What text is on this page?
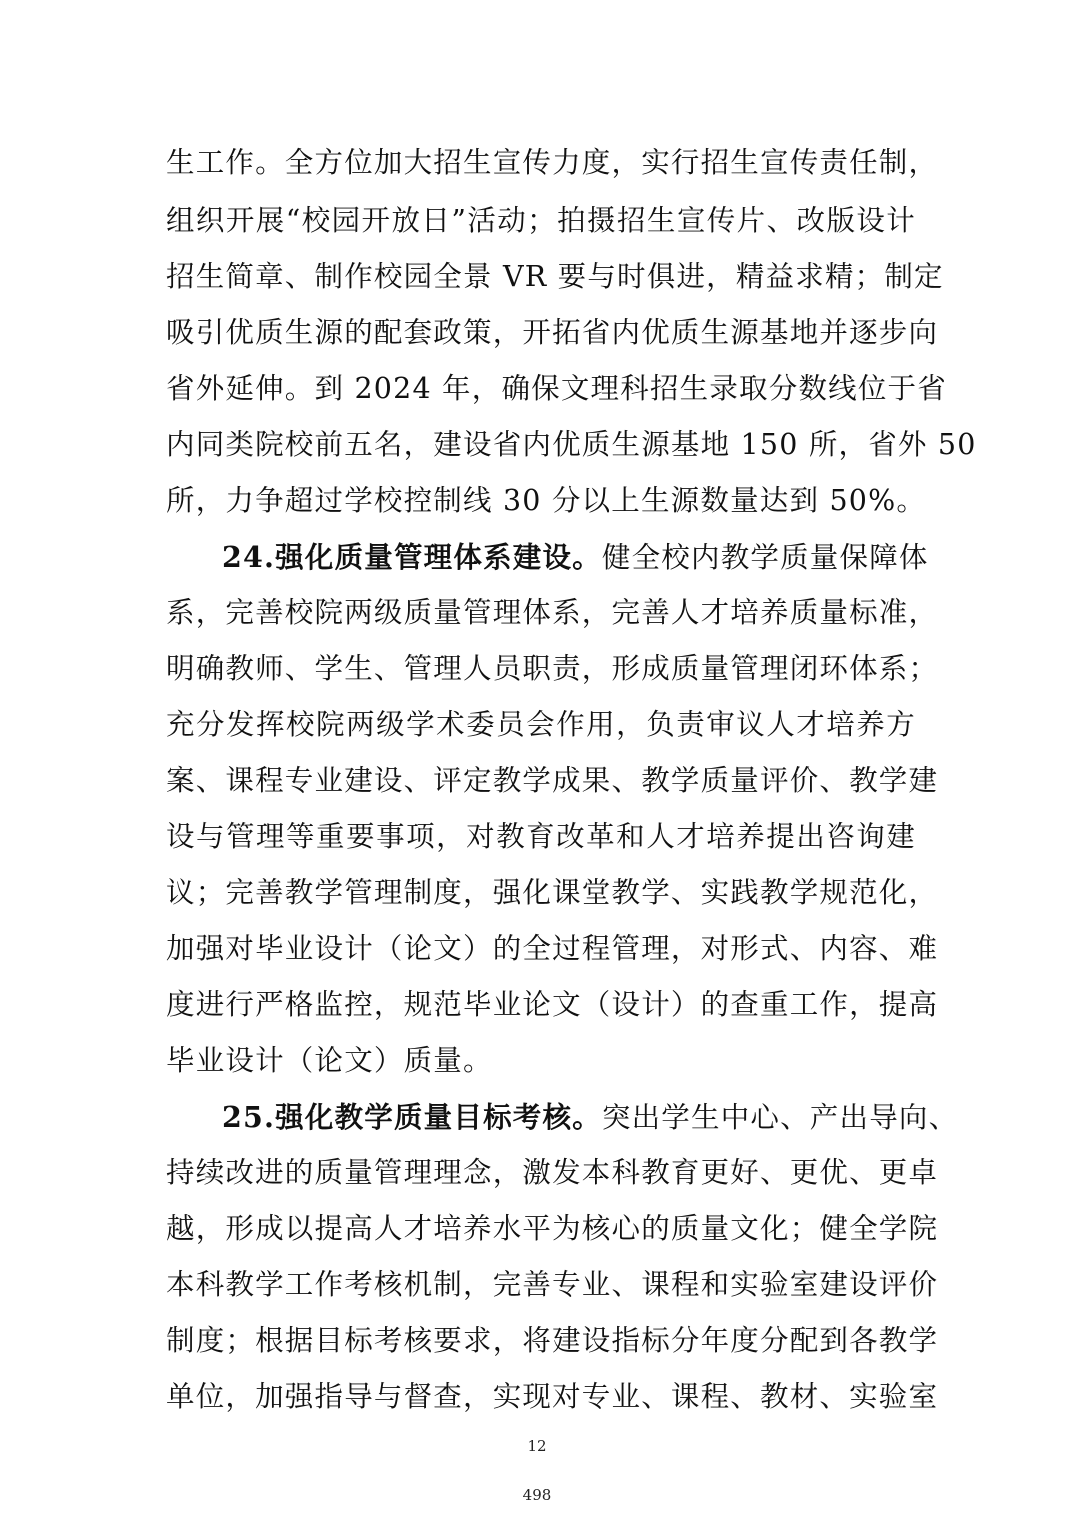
生工作。全方位加大招生宣传力度，实行招生宣传责任制，
组织开展“校园开放日”活动；拍摄招生宣传片、改版设计
招生简章、制作校园全景 VR 要与时俱进，精益求精；制定
吸引优质生源的配套政策，开拓省内优质生源基地并逐步向
省外延伸。到 2024 年，确保文理科招生录取分数线位于省
内同类院校前五名，建设省内优质生源基地 150 所，省外 50
所，力争超过学校控制线 30 分以上生源数量达到 50%。
24.强化质量管理体系建设。健全校内教学质量保障体
系，完善校院两级质量管理体系，完善人才培养质量标准，
明确教师、学生、管理人员职责，形成质量管理闭环体系；
充分发挥校院两级学术委员会作用，负责审议人才培养方
案、课程专业建设、评定教学成果、教学质量评价、教学建
设与管理等重要事项，对教育改革和人才培养提出咨询建
议；完善教学管理制度，强化课堂教学、实践教学规范化，
加强对毕业设计（论文）的全过程管理，对形式、内容、难
度进行严格监控，规范毕业论文（设计）的查重工作，提高
毕业设计（论文）质量。
25.强化教学质量目标考核。突出学生中心、产出导向、
持续改进的质量管理理念，激发本科教育更好、更优、更卓
越，形成以提高人才培养水平为核心的质量文化；健全学院
本科教学工作考核机制，完善专业、课程和实验室建设评价
制度；根据目标考核要求，将建设指标分年度分配到各教学
单位，加强指导与督查，实现对专业、课程、教材、实验室
12
498
